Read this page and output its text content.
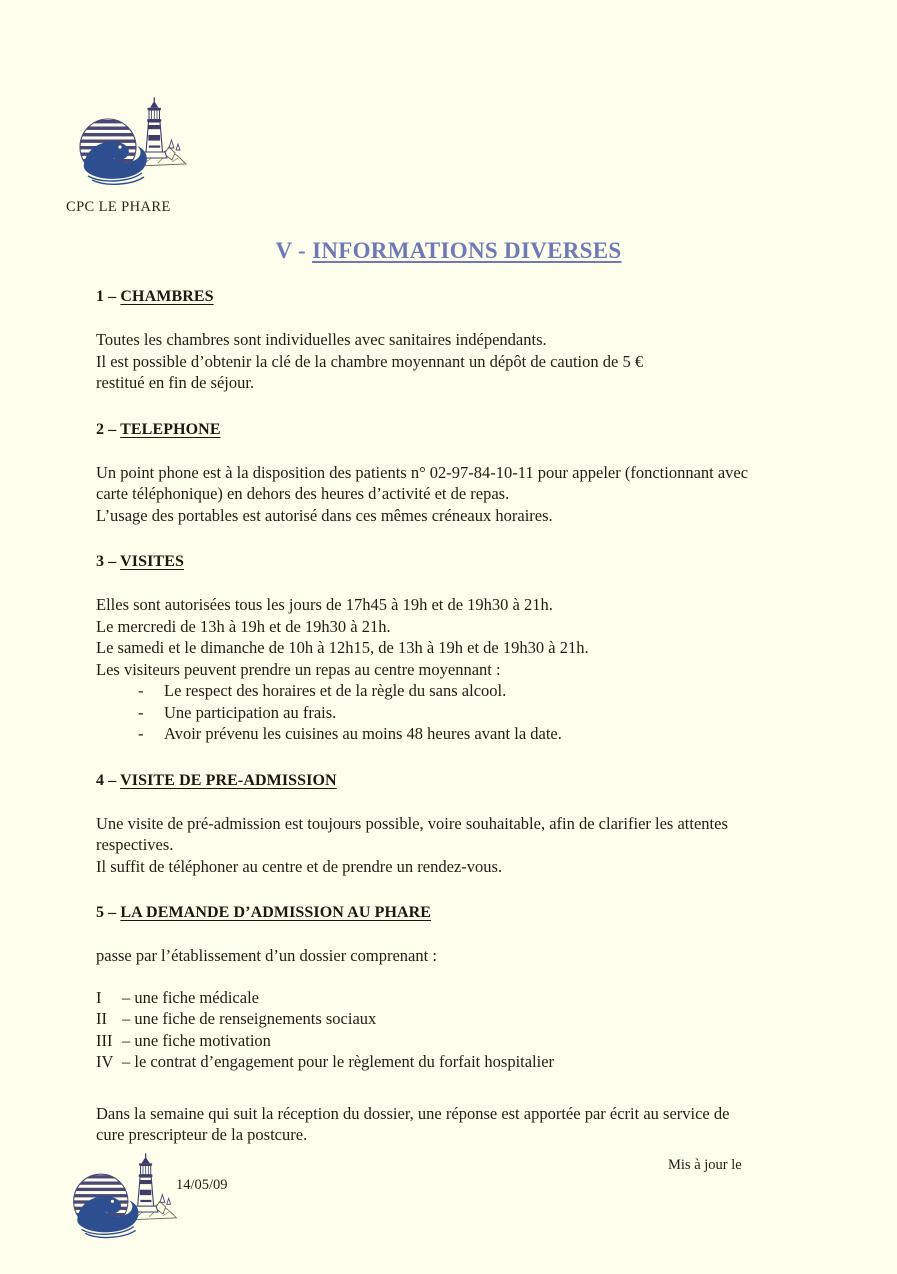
CPC LE PHARE
V - INFORMATIONS DIVERSES

1 – CHAMBRES

Toutes les chambres sont individuelles avec sanitaires indépendants.

Il est possible d’obtenir la clé de la chambre moyennant un dépôt de caution de 5 €

restitué en fin de séjour.

2 – TELEPHONE

Un point phone est à la disposition des patients n° 02-97-84-10-11 pour appeler (fonctionnant avec

carte téléphonique) en dehors des heures d’activité et de repas.

L’usage des portables est autorisé dans ces mêmes créneaux horaires.

3 – VISITES

Elles sont autorisées tous les jours de 17h45 à 19h et de 19h30 à 21h.

Le mercredi de 13h à 19h et de 19h30 à 21h.

Le samedi et le dimanche de 10h à 12h15, de 13h à 19h et de 19h30 à 21h.

Les visiteurs peuvent prendre un repas au centre moyennant :

- Le respect des horaires et de la règle du sans alcool.
- Une participation au frais.
- Avoir prévenu les cuisines au moins 48 heures avant la date.

4 – VISITE DE PRE-ADMISSION

Une visite de pré-admission est toujours possible, voire souhaitable, afin de clarifier les attentes

respectives.

Il suffit de téléphoner au centre et de prendre un rendez-vous.

5 – LA DEMANDE D’ADMISSION AU PHARE

passe par l’établissement d’un dossier comprenant :

I	– une fiche médicale
II – une fiche de renseignements sociaux
III – une fiche motivation
IV – le contrat d’engagement pour le règlement du forfait hospitalier

Dans la semaine qui suit la réception du dossier, une réponse est apportée par écrit au service de

cure prescripteur de la postcure.

14/05/09
Mis à jour le
